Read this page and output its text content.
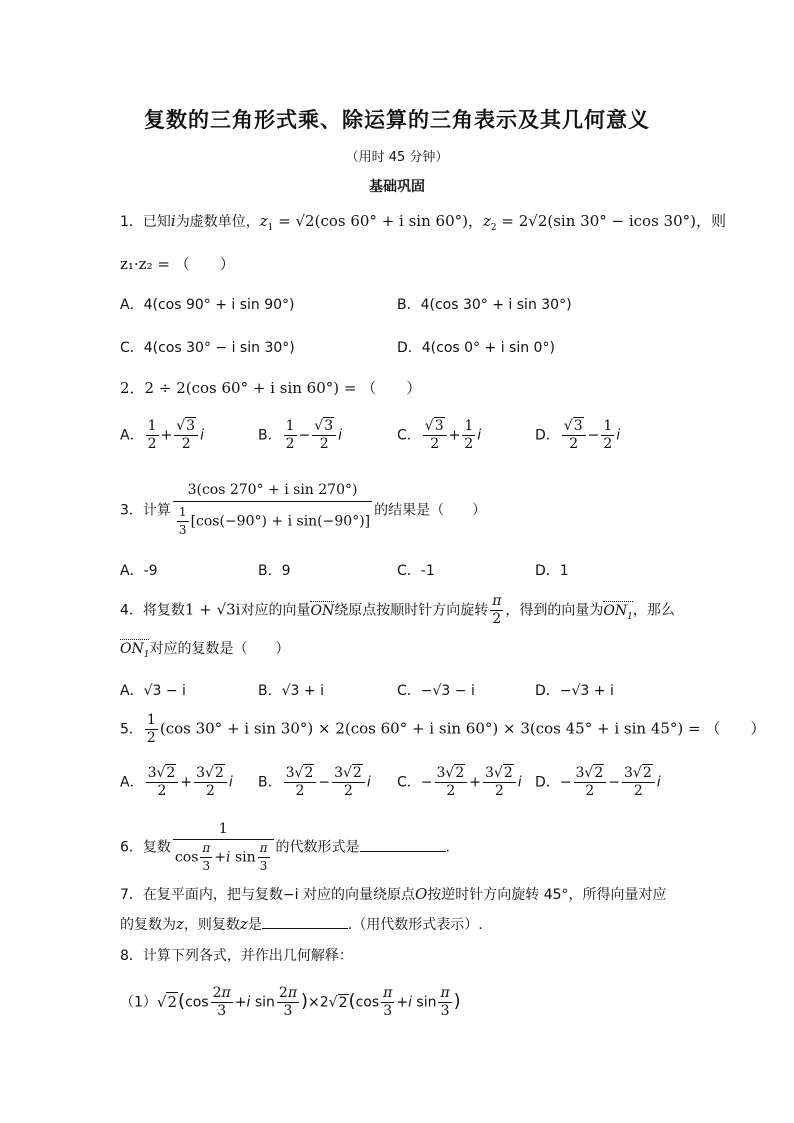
复数的三角形式乘、除运算的三角表示及其几何意义
（用时 45 分钟）
基础巩固
1．已知i为虚数单位，$z_1 = √2(\cos$ 60° + i sin 60°)，$z_2 = 2√2(\sin$ 30° − icos 30°)，则
z₁·z₂ = （　　）
A．4(cos 90° + i sin 90°)	B．4(cos 30° + i sin 30°)
C．4(cos 30° − i sin 30°)	D．4(cos 0° + i sin 0°)
2．2 ÷ 2(cos 60° + i sin 60°) = （　　）
A． $\frac{1}{2} + \frac{√3}{2}$ i	B． $\frac{1}{2} - \frac{√3}{2}$ i	C． $\frac{√3}{2} + \frac{1}{2}$ i	D． $\frac{√3}{2} - \frac{1}{2}$ i
3．计算 $\frac{\text{3(cos 270° + i sin 270°)}}{\frac{1}{3} [\cos(-90^\circ) + i \sin(-90^\circ)]}$ 的结果是（　　）
A．-9	B．9	C．-1	D．1
4．将复数1 + √3i对应的向量ON绕原点按顺时针方向旋转 $\frac{\pi}{2}$ ，得到的向量为$ON_1$，那么
$ON_1$对应的复数是（　　）
A．√3 − i	B．√3 + i	C．−√3 − i	D．−√3 + i
5． $\frac{1}{2} (\cos$ 30° + i sin 30°) × 2(cos 60° + i sin 60°) × 3(cos 45° + i sin 45°) = （　　）
A． $\frac{3√2}{2} + \frac{3√2}{2}$ i B． $\frac{3√2}{2} - \frac{3√2}{2}$ i C．− $\frac{3√2}{2} + \frac{3√2}{2}$ i D．− $\frac{3√2}{2} - \frac{3√2}{2}$ i
6．复数 $\frac{1}{\cos \frac{\pi}{3} +i \sin \frac{\pi}{3}}$ 的代数形式是	.
7．在复平面内，把与复数−i 对应的向量绕原点O按逆时针方向旋转 45°，所得向量对应
的复数为z，则复数z是	.（用代数形式表示）.
8．计算下列各式，并作出几何解释：
$(1)√2(\cos \frac{2\pi}{3} +i$ $\sin \frac{2\pi}{3} )\times 2√2(\cos \frac{\pi}{3} +i$ $\sin \frac{\pi}{3}$ )
